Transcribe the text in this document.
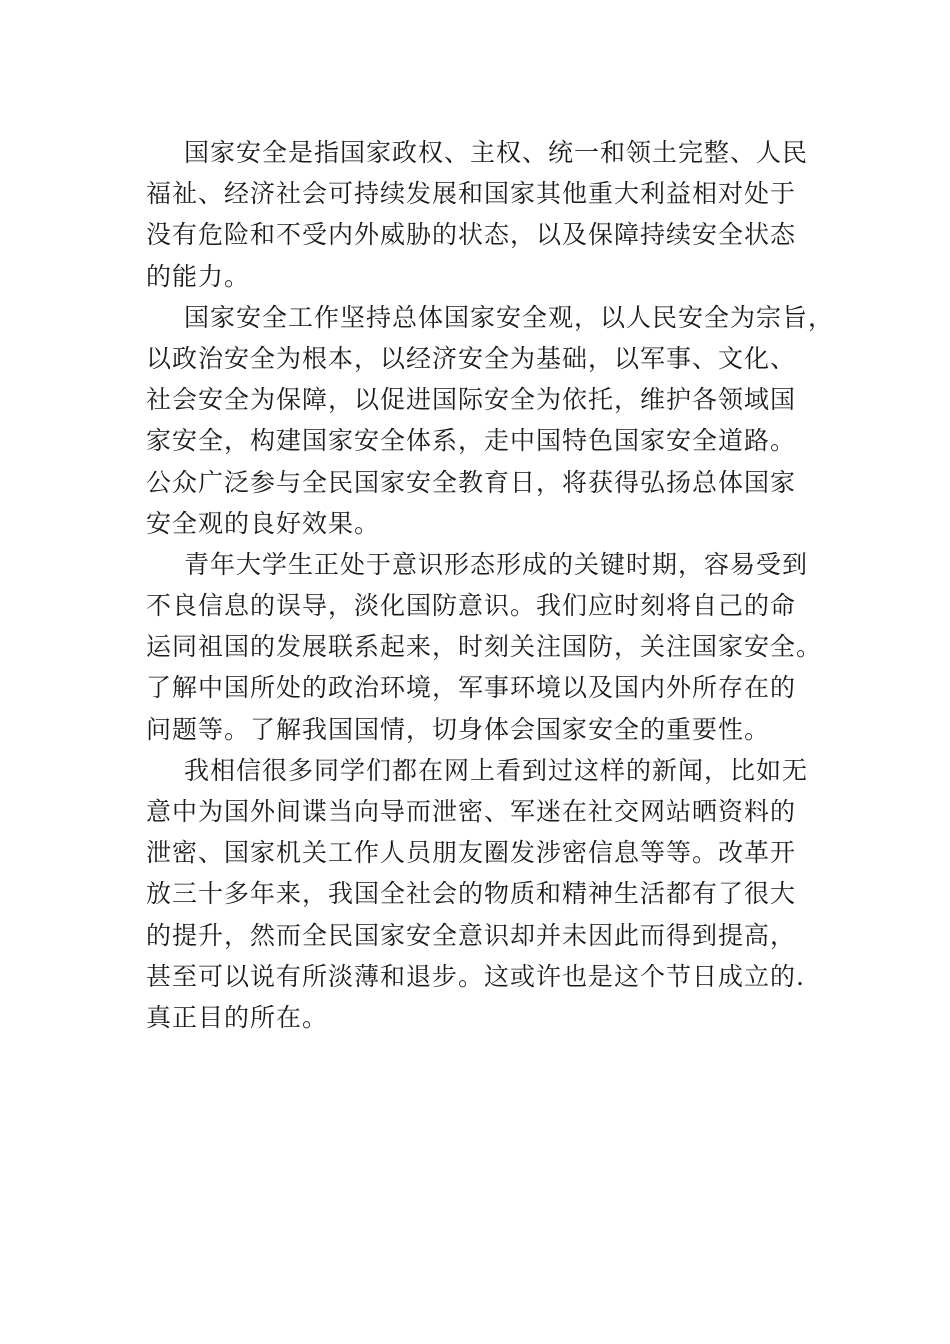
国家安全是指国家政权、主权、统一和领土完整、人民
福祉、经济社会可持续发展和国家其他重大利益相对处于
没有危险和不受内外威胁的状态，以及保障持续安全状态
的能力。
国家安全工作坚持总体国家安全观，以人民安全为宗旨，
以政治安全为根本，以经济安全为基础，以军事、文化、
社会安全为保障，以促进国际安全为依托，维护各领域国
家安全，构建国家安全体系，走中国特色国家安全道路。
公众广泛参与全民国家安全教育日，将获得弘扬总体国家
安全观的良好效果。
青年大学生正处于意识形态形成的关键时期，容易受到
不良信息的误导，淡化国防意识。我们应时刻将自己的命
运同祖国的发展联系起来，时刻关注国防，关注国家安全。
了解中国所处的政治环境，军事环境以及国内外所存在的
问题等。了解我国国情，切身体会国家安全的重要性。
我相信很多同学们都在网上看到过这样的新闻，比如无
意中为国外间谍当向导而泄密、军迷在社交网站晒资料的
泄密、国家机关工作人员朋友圈发涉密信息等等。改革开
放三十多年来，我国全社会的物质和精神生活都有了很大
的提升，然而全民国家安全意识却并未因此而得到提高，
甚至可以说有所淡薄和退步。这或许也是这个节日成立的.
真正目的所在。
